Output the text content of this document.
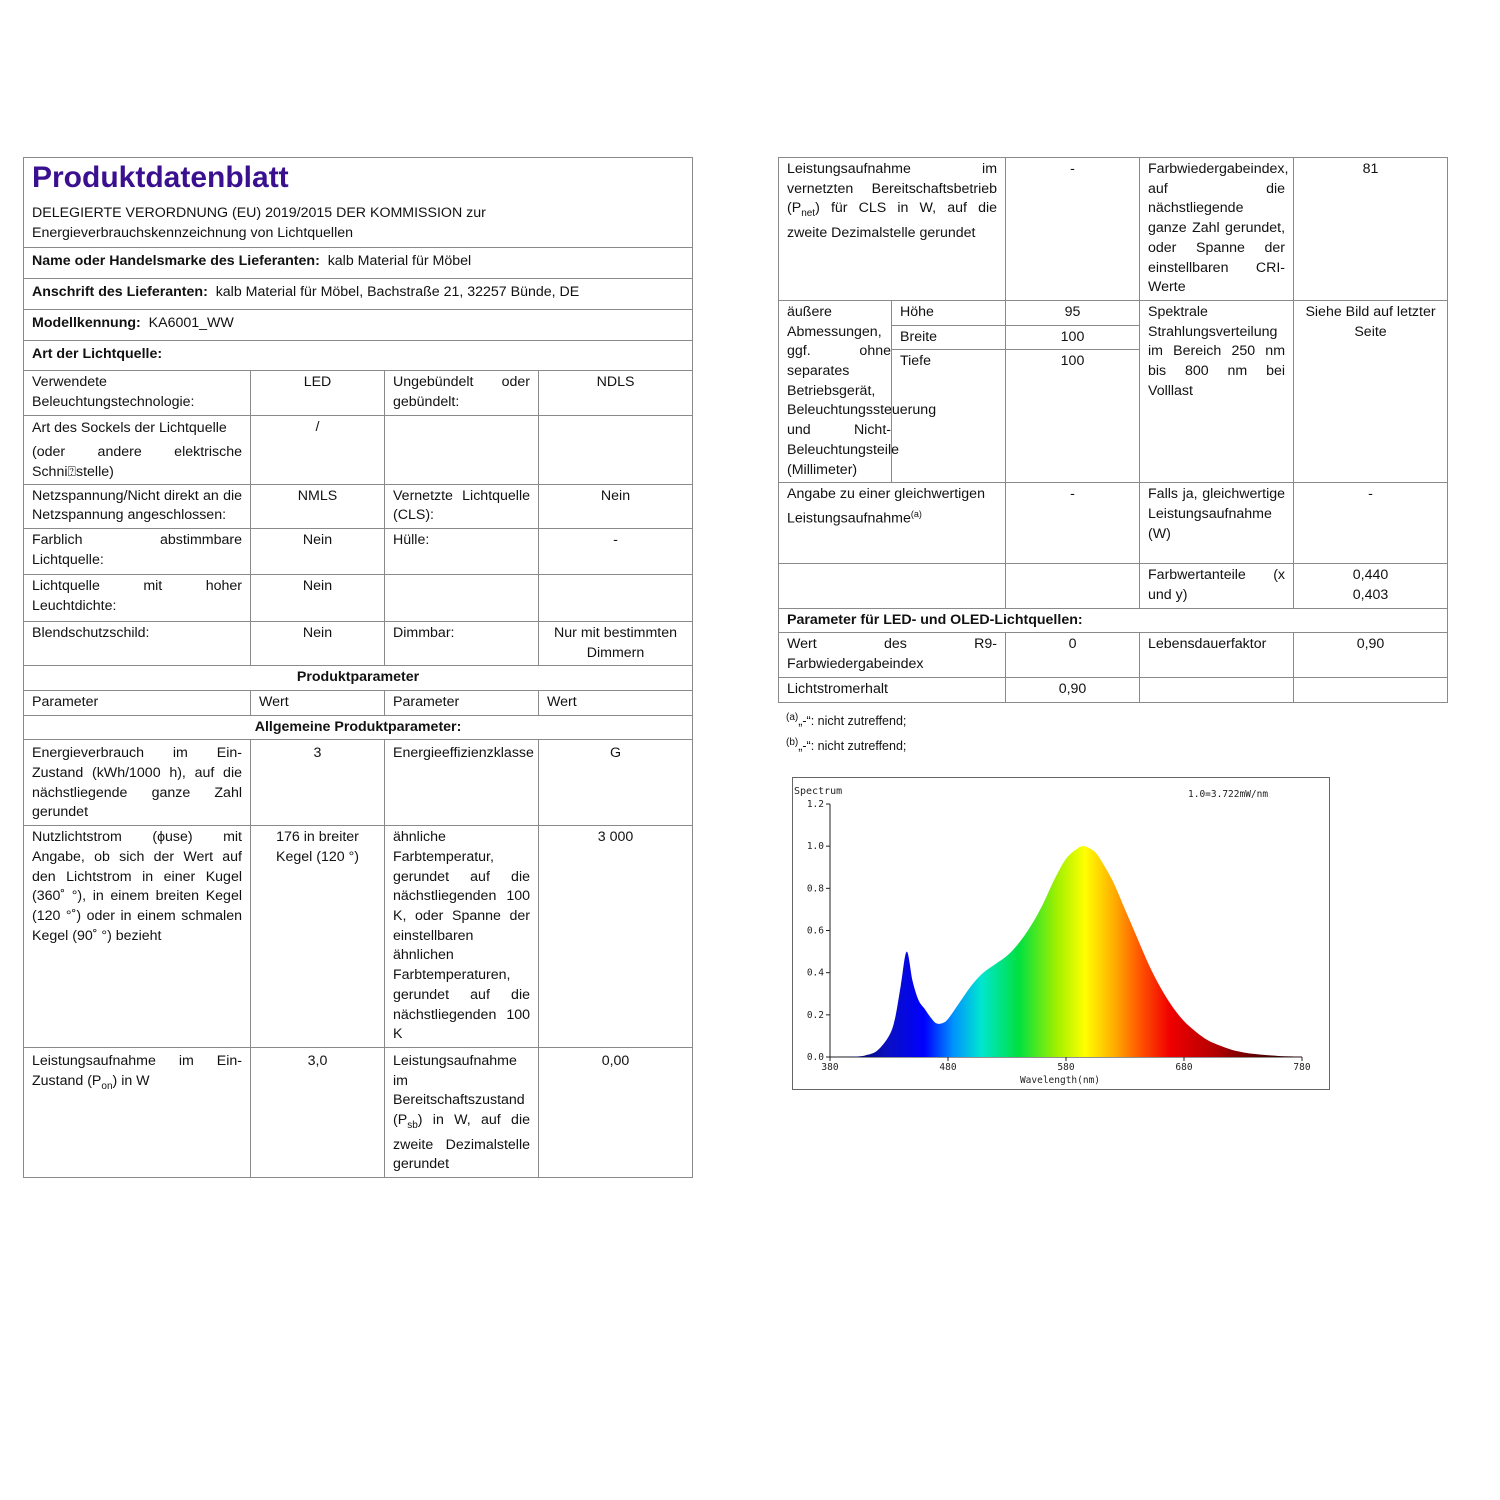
Produktdatenblatt
DELEGIERTE VERORDNUNG (EU) 2019/2015 DER KOMMISSION zur
Energieverbrauchskennzeichnung von Lichtquellen			

Name oder Handelsmarke des Lieferanten: kalb Material für Möbel			
Anschrift des Lieferanten: kalb Material für Möbel, Bachstraße 21, 32257 Bünde, DE			
Modellkennung: KA6001_WW			
Art der Lichtquelle:			
Verwendete Beleuchtungstechnologie:	LED	Ungebündelt oder gebündelt:	NDLS

Art des Sockels der Lichtquelle
(oder andere elektrische Schni⍰stelle)	/		
Netzspannung/Nicht direkt an die Netzspannung angeschlossen:	NMLS	Vernetzte Lichtquelle (CLS):	Nein
Farblich abstimmbare Lichtquelle:	Nein	Hülle:	-
Lichtquelle mit hoher Leuchtdichte:	Nein		
Blendschutzschild:	Nein	Dimmbar:	Nur mit bestimmten Dimmern
Produktparameter			
Parameter	Wert	Parameter	Wert
Allgemeine Produktparameter:			
Energieverbrauch im Ein-Zustand (kWh/1000 h), auf die nächstliegende ganze Zahl gerundet	3	Energieeffizienzklasse	G
Nutzlichtstrom (ϕuse) mit Angabe, ob sich der Wert auf den Lichtstrom in einer Kugel (360˚ °), in einem breiten Kegel (120 °˚) oder in einem schmalen Kegel (90˚ °) bezieht	176 in breiter Kegel (120 °)	ähnliche Farbtemperatur, gerundet auf die nächstliegenden 100 K, oder Spanne der einstellbaren ähnlichen Farbtemperaturen, gerundet auf die nächstliegenden 100 K	3 000
Leistungsaufnahme im Ein-Zustand $(P_{on})$ in W	3,0	Leistungsaufnahme im Bereitschaftszustand $(P_{sb})$ in W, auf die zweite Dezimalstelle gerundet	0,00
Leistungsaufnahme im vernetzten Bereitschaftsbetrieb $(P_{net})$ für CLS in W, auf die zweite Dezimalstelle gerundet		-	Farbwiedergabeindex, auf die nächstliegende ganze Zahl gerundet, oder Spanne der einstellbaren CRI-Werte	81
äußere Abmessungen, ggf. ohne separates Betriebsgerät, Beleuchtungssteuerung und Nicht-Beleuchtungsteile (Millimeter)	Höhe	95	Spektrale Strahlungsverteilung im Bereich 250 nm bis 800 nm bei Volllast	Siehe Bild auf letzter Seite
	Breite	100		
	Tiefe	100		
Angabe zu einer gleichwertigen Leistungsaufnahme$^{(a)}$		-	Falls ja, gleichwertige Leistungsaufnahme (W)	-
			Farbwertanteile (x und y)	0,440
0,403

Parameter für LED- und OLED-Lichtquellen:				
Wert des R9-Farbwiedergabeindex		0	Lebensdauerfaktor	0,90
Lichtstromerhalt		0,90		
$^{(a)}$„-“: nicht zutreffend;
$^{(b)}$„-“: nicht zutreffend;
0.0
0.2
0.4
0.6
0.8
1.0
1.2
380	480	580	680	780
Spectrum	1.0=3.722mW/nm
Wavelength(nm)
